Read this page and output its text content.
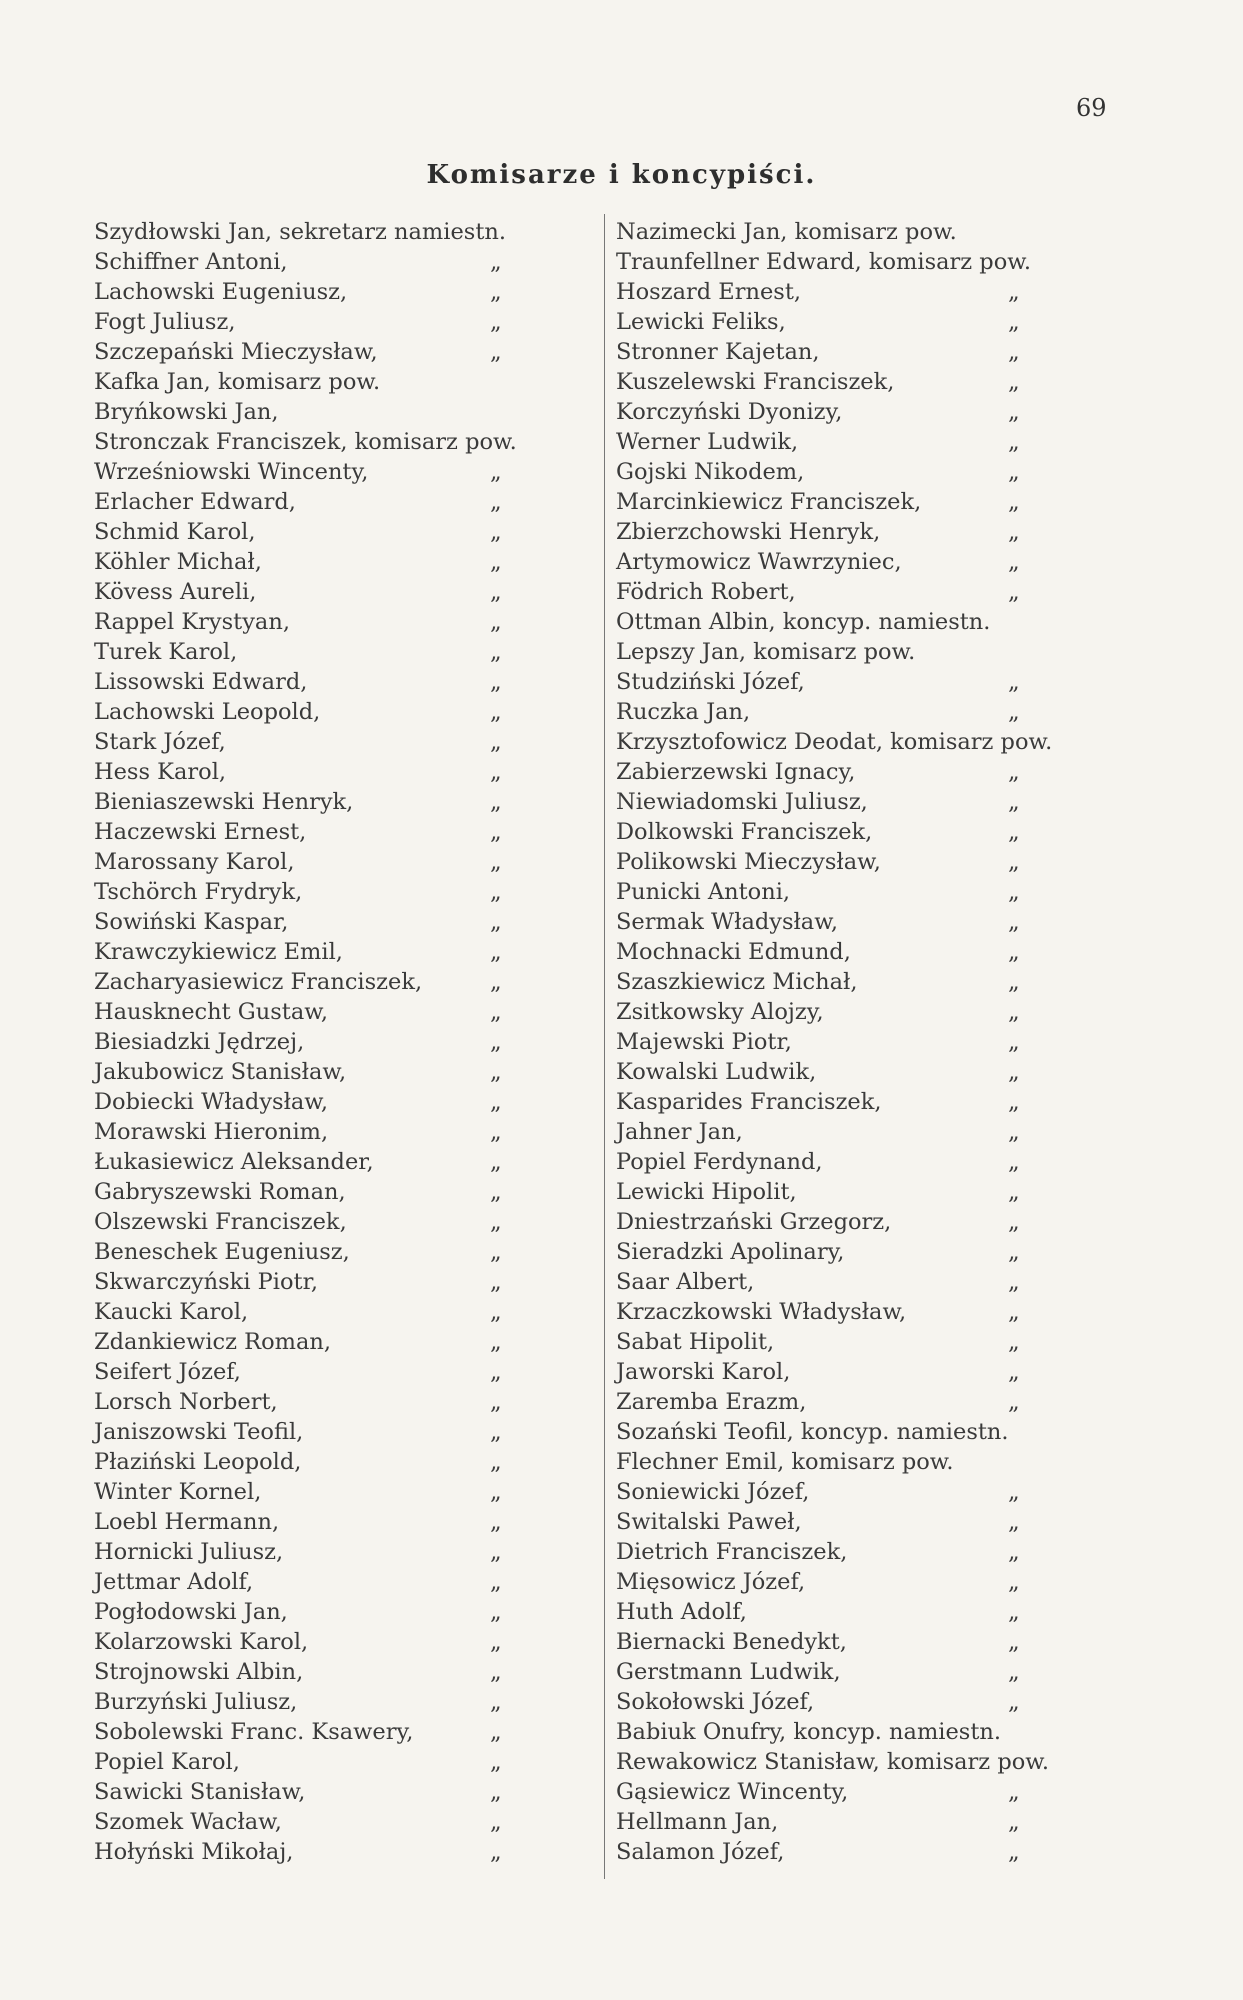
69
Komisarze i koncypiści.
Szydłowski Jan, sekretarz namiestn.
Schiffner Antoni,	„
Lachowski Eugeniusz,	„
Fogt Juliusz,	„
Szczepański Mieczysław,	„
Kafka Jan, komisarz pow.
Bryńkowski Jan,
Stronczak Franciszek, komisarz pow.
Wrześniowski Wincenty,	„
Erlacher Edward,	„
Schmid Karol,	„
Köhler Michał,	„
Kövess Aureli,	„
Rappel Krystyan,	„
Turek Karol,	„
Lissowski Edward,	„
Lachowski Leopold,	„
Stark Józef,	„
Hess Karol,	„
Bieniaszewski Henryk,	„
Haczewski Ernest,	„
Marossany Karol,	„
Tschörch Frydryk,	„
Sowiński Kaspar,	„
Krawczykiewicz Emil,	„
Zacharyasiewicz Franciszek,	„
Hausknecht Gustaw,	„
Biesiadzki Jędrzej,	„
Jakubowicz Stanisław,	„
Dobiecki Władysław,	„
Morawski Hieronim,	„
Łukasiewicz Aleksander,	„
Gabryszewski Roman,	„
Olszewski Franciszek,	„
Beneschek Eugeniusz,	„
Skwarczyński Piotr,	„
Kaucki Karol,	„
Zdankiewicz Roman,	„
Seifert Józef,	„
Lorsch Norbert,	„
Janiszowski Teofil,	„
Płaziński Leopold,	„
Winter Kornel,	„
Loebl Hermann,	„
Hornicki Juliusz,	„
Jettmar Adolf,	„
Pogłodowski Jan,	„
Kolarzowski Karol,	„
Strojnowski Albin,	„
Burzyński Juliusz,	„
Sobolewski Franc. Ksawery,	„
Popiel Karol,	„
Sawicki Stanisław,	„
Szomek Wacław,	„
Hołyński Mikołaj,	„
Nazimecki Jan, komisarz pow.
Traunfellner Edward, komisarz pow.
Hoszard Ernest,	„
Lewicki Feliks,	„
Stronner Kajetan,	„
Kuszelewski Franciszek,	„
Korczyński Dyonizy,	„
Werner Ludwik,	„
Gojski Nikodem,	„
Marcinkiewicz Franciszek,	„
Zbierzchowski Henryk,	„
Artymowicz Wawrzyniec,	„
Födrich Robert,	„
Ottman Albin, koncyp. namiestn.
Lepszy Jan, komisarz pow.
Studziński Józef,	„
Ruczka Jan,	„
Krzysztofowicz Deodat, komisarz pow.
Zabierzewski Ignacy,	„
Niewiadomski Juliusz,	„
Dolkowski Franciszek,	„
Polikowski Mieczysław,	„
Punicki Antoni,	„
Sermak Władysław,	„
Mochnacki Edmund,	„
Szaszkiewicz Michał,	„
Zsitkowsky Alojzy,	„
Majewski Piotr,	„
Kowalski Ludwik,	„
Kasparides Franciszek,	„
Jahner Jan,	„
Popiel Ferdynand,	„
Lewicki Hipolit,	„
Dniestrzański Grzegorz,	„
Sieradzki Apolinary,	„
Saar Albert,	„
Krzaczkowski Władysław,	„
Sabat Hipolit,	„
Jaworski Karol,	„
Zaremba Erazm,	„
Sozański Teofil, koncyp. namiestn.
Flechner Emil, komisarz pow.
Soniewicki Józef,	„
Switalski Paweł,	„
Dietrich Franciszek,	„
Mięsowicz Józef,	„
Huth Adolf,	„
Biernacki Benedykt,	„
Gerstmann Ludwik,	„
Sokołowski Józef,	„
Babiuk Onufry, koncyp. namiestn.
Rewakowicz Stanisław, komisarz pow.
Gąsiewicz Wincenty,	„
Hellmann Jan,	„
Salamon Józef,	„
